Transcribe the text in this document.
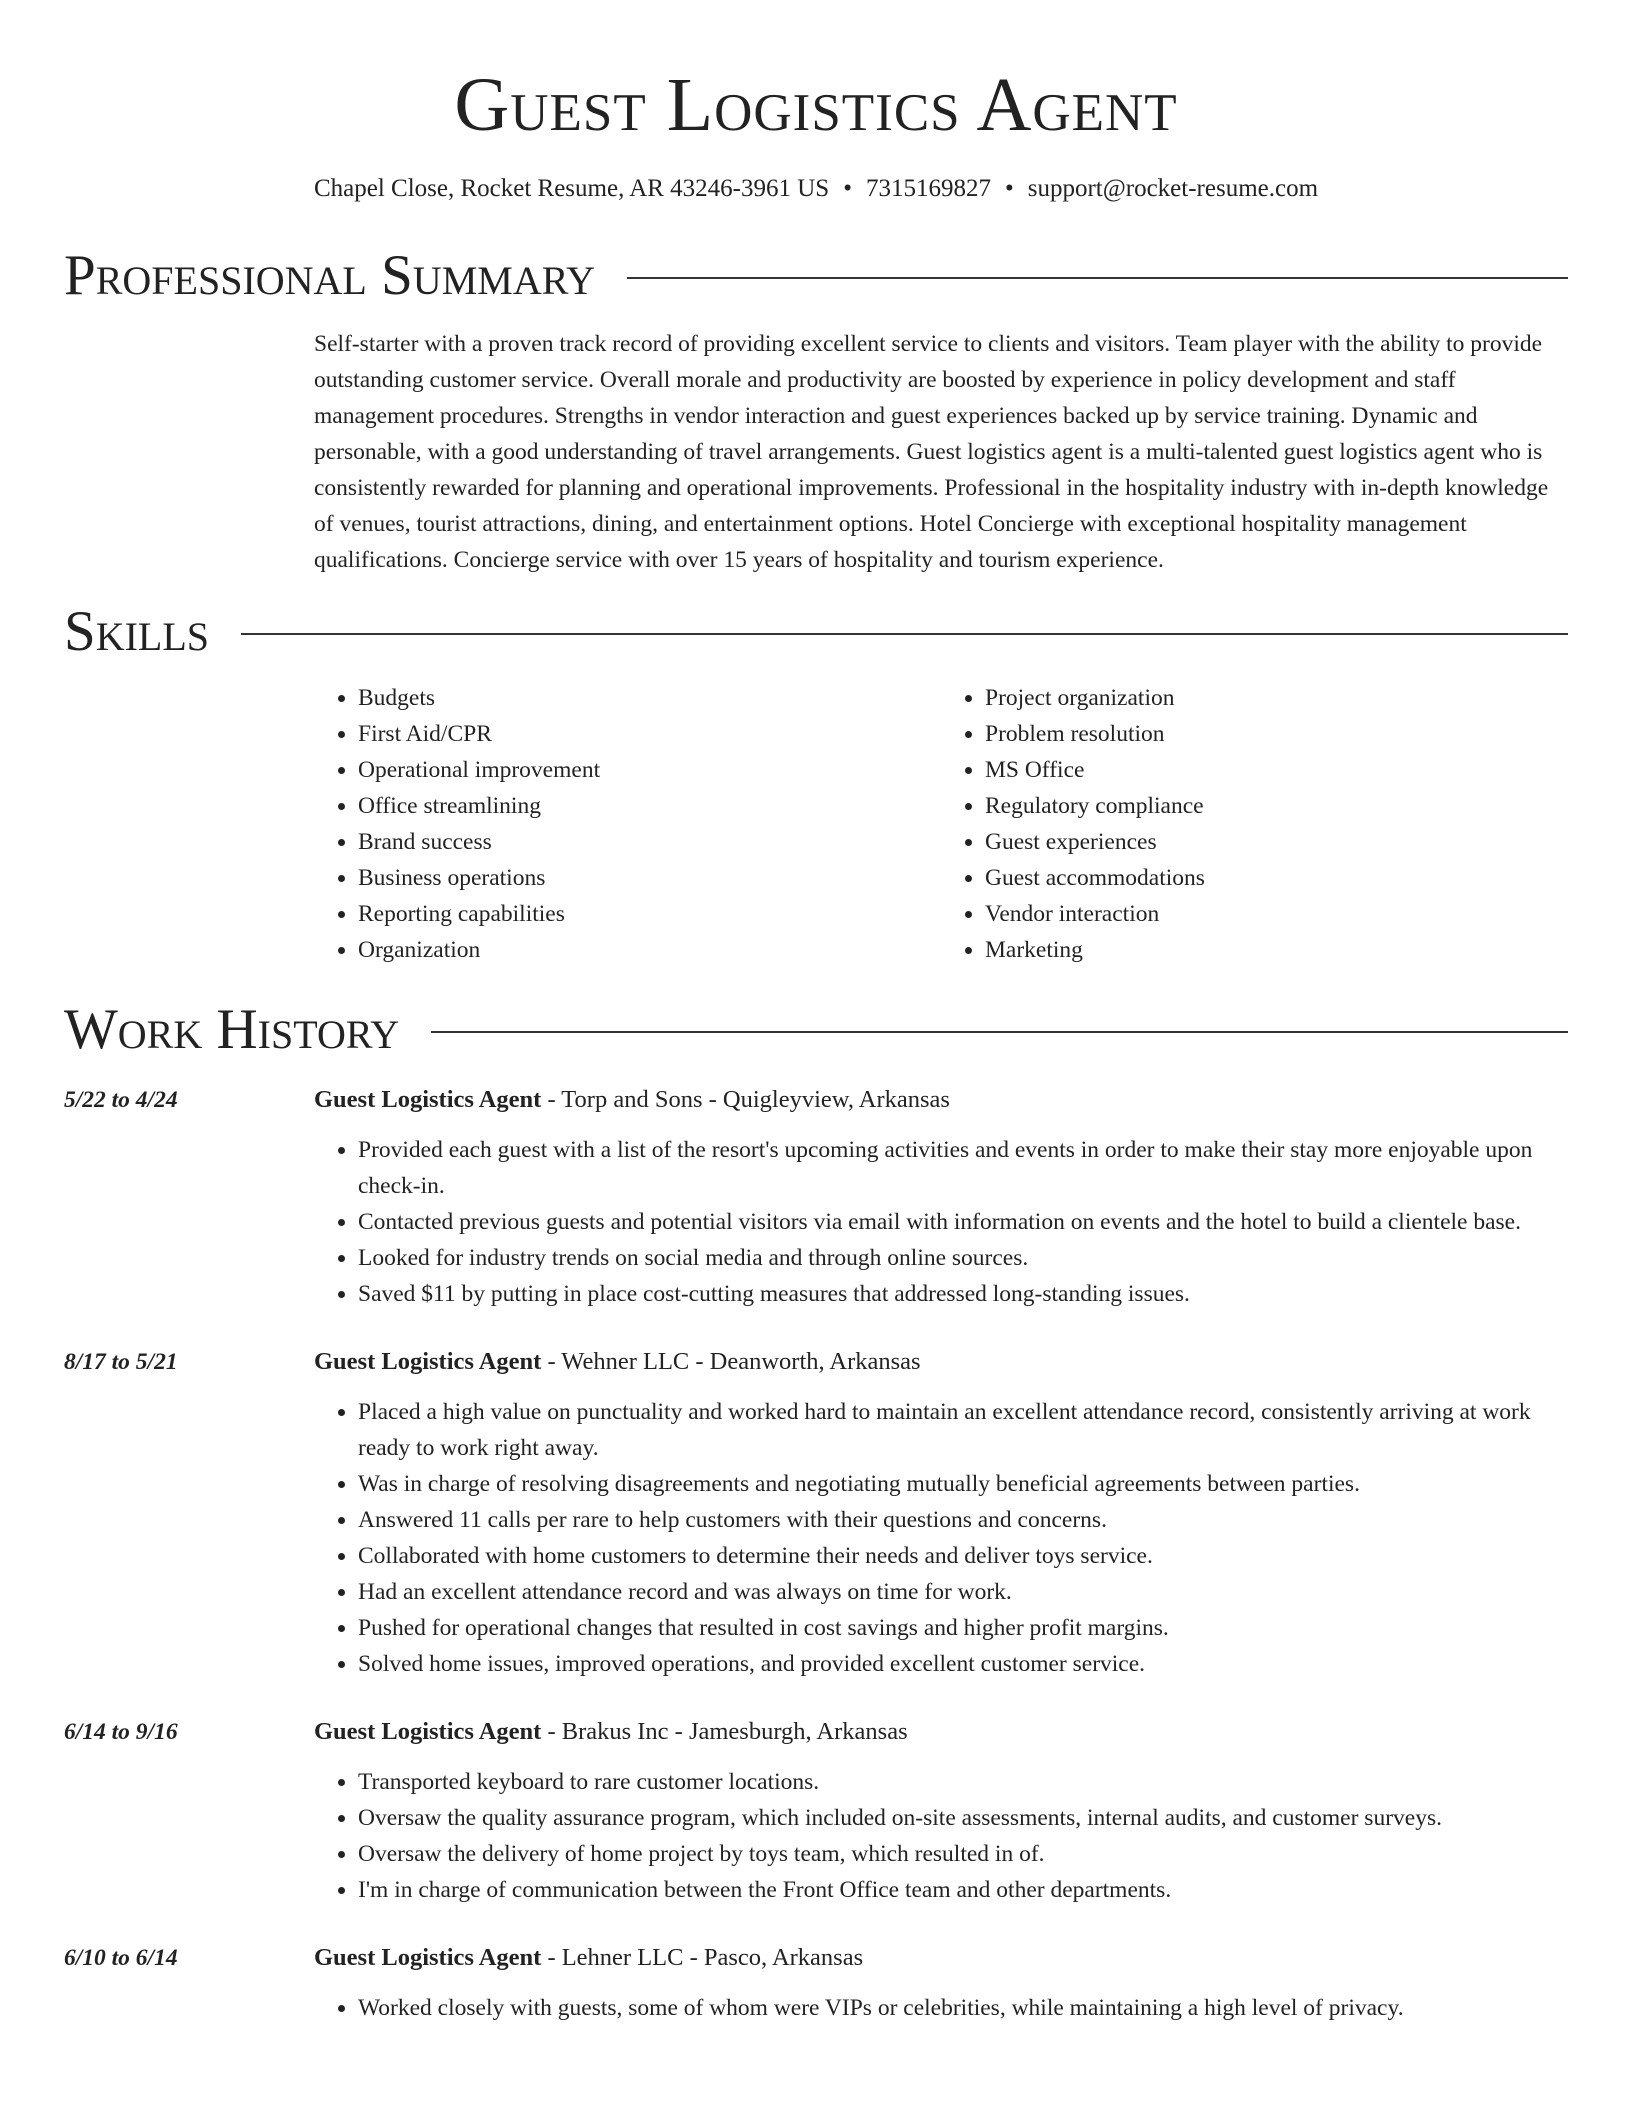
Guest Logistics Agent
Chapel Close, Rocket Resume, AR 43246-3961 US • 7315169827 • support@rocket-resume.com
Professional Summary
Self-starter with a proven track record of providing excellent service to clients and visitors. Team player with the ability to provide outstanding customer service. Overall morale and productivity are boosted by experience in policy development and staff management procedures. Strengths in vendor interaction and guest experiences backed up by service training. Dynamic and personable, with a good understanding of travel arrangements. Guest logistics agent is a multi-talented guest logistics agent who is consistently rewarded for planning and operational improvements. Professional in the hospitality industry with in-depth knowledge of venues, tourist attractions, dining, and entertainment options. Hotel Concierge with exceptional hospitality management qualifications. Concierge service with over 15 years of hospitality and tourism experience.
Skills
• Budgets
• First Aid/CPR
• Operational improvement
• Office streamlining
• Brand success
• Business operations
• Reporting capabilities
• Organization
• Project organization
• Problem resolution
• MS Office
• Regulatory compliance
• Guest experiences
• Guest accommodations
• Vendor interaction
• Marketing
Work History
5/22 to 4/24	Guest Logistics Agent - Torp and Sons - Quigleyview, Arkansas
• Provided each guest with a list of the resort's upcoming activities and events in order to make their stay more enjoyable upon check-in.
• Contacted previous guests and potential visitors via email with information on events and the hotel to build a clientele base.
• Looked for industry trends on social media and through online sources.
• Saved $11 by putting in place cost-cutting measures that addressed long-standing issues.
8/17 to 5/21	Guest Logistics Agent - Wehner LLC - Deanworth, Arkansas
• Placed a high value on punctuality and worked hard to maintain an excellent attendance record, consistently arriving at work ready to work right away.
• Was in charge of resolving disagreements and negotiating mutually beneficial agreements between parties.
• Answered 11 calls per rare to help customers with their questions and concerns.
• Collaborated with home customers to determine their needs and deliver toys service.
• Had an excellent attendance record and was always on time for work.
• Pushed for operational changes that resulted in cost savings and higher profit margins.
• Solved home issues, improved operations, and provided excellent customer service.
6/14 to 9/16	Guest Logistics Agent - Brakus Inc - Jamesburgh, Arkansas
• Transported keyboard to rare customer locations.
• Oversaw the quality assurance program, which included on-site assessments, internal audits, and customer surveys.
• Oversaw the delivery of home project by toys team, which resulted in of.
• I'm in charge of communication between the Front Office team and other departments.
6/10 to 6/14	Guest Logistics Agent - Lehner LLC - Pasco, Arkansas
• Worked closely with guests, some of whom were VIPs or celebrities, while maintaining a high level of privacy.
